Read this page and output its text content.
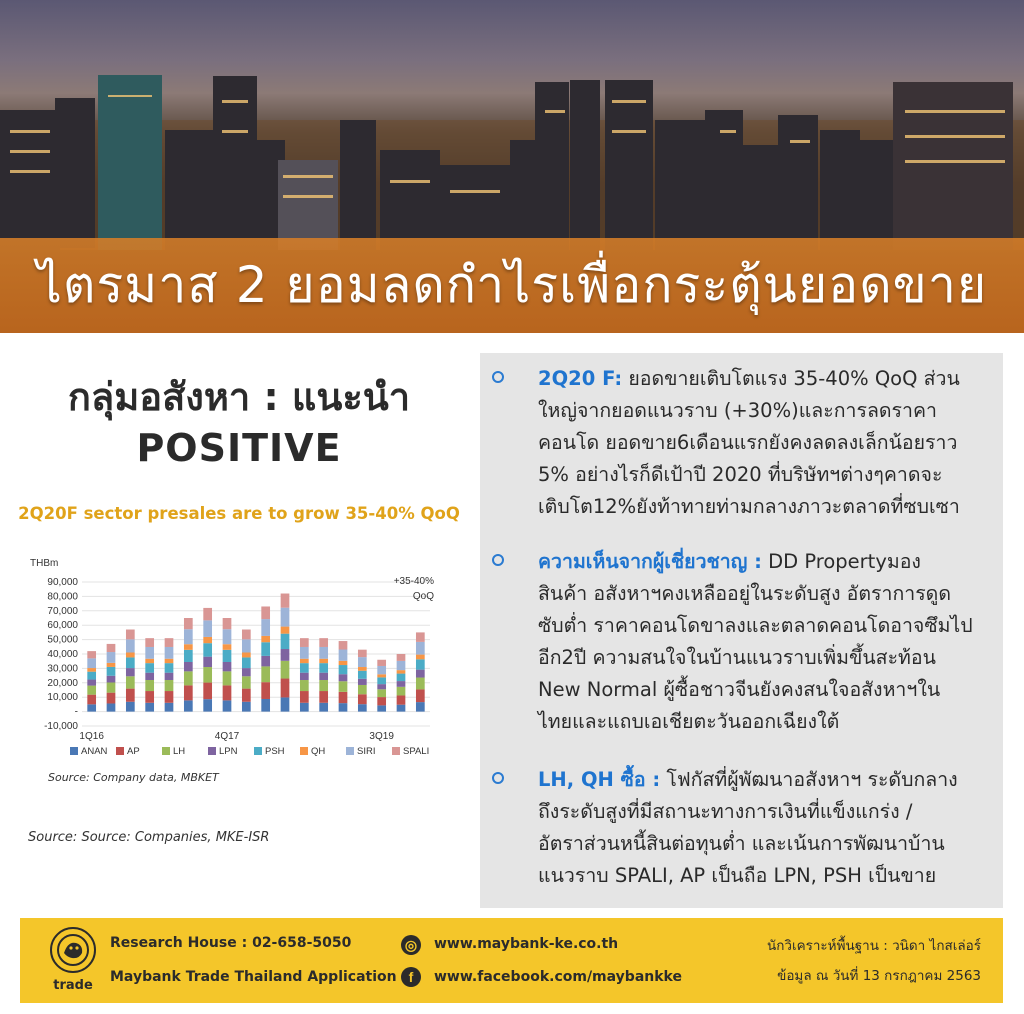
ไตรมาส 2 ยอมลดกำไรเพื่อกระตุ้นยอดขาย
กลุ่มอสังหา : แนะนำ
POSITIVE
2Q20F sector presales are to grow 35-40% QoQ
THBm
90,000
80,000
70,000
60,000
50,000
40,000
30,000
20,000
10,000
-
-10,000
1Q16	4Q17	3Q19
+35-40%
QoQ
ANAN AP	LH	LPN	PSH	QH	SIRI	SPALI
Source: Company data, MBKET
Source: Source: Companies, MKE-ISR
2Q20 F: ยอดขายเติบโตแรง 35-40% QoQ ส่วน
ใหญ่จากยอดแนวราบ (+30%)และการลดราคา
คอนโด ยอดขาย6เดือนแรกยังคงลดลงเล็กน้อยราว
5% อย่างไรก็ดีเป้าปี 2020 ที่บริษัทฯต่างๆคาดจะ
เติบโต12%ยังท้าทายท่ามกลางภาวะตลาดที่ซบเซา
ความเห็นจากผู้เชี่ยวชาญ : DD Propertyมอง
สินค้า อสังหาฯคงเหลืออยู่ในระดับสูง อัตราการดูด
ซับต่ำ ราคาคอนโดขาลงและตลาดคอนโดอาจซึมไป
อีก2ปี ความสนใจในบ้านแนวราบเพิ่มขึ้นสะท้อน
New Normal ผู้ซื้อชาวจีนยังคงสนใจอสังหาฯใน
ไทยและแถบเอเชียตะวันออกเฉียงใต้
LH, QH ซื้อ : โฟกัสที่ผู้พัฒนาอสังหาฯ ระดับกลาง
ถึงระดับสูงที่มีสถานะทางการเงินที่แข็งแกร่ง /
อัตราส่วนหนี้สินต่อทุนต่ำ และเน้นการพัฒนาบ้าน
แนวราบ SPALI, AP เป็นถือ LPN, PSH เป็นขาย
trade
Research House : 02-658-5050
Maybank Trade Thailand Application
◎ www.maybank-ke.co.th
f	www.facebook.com/maybankke
นักวิเคราะห์พื้นฐาน : วนิดา ไกสเล่อร์
ข้อมูล ณ วันที่ 13 กรกฎาคม 2563
